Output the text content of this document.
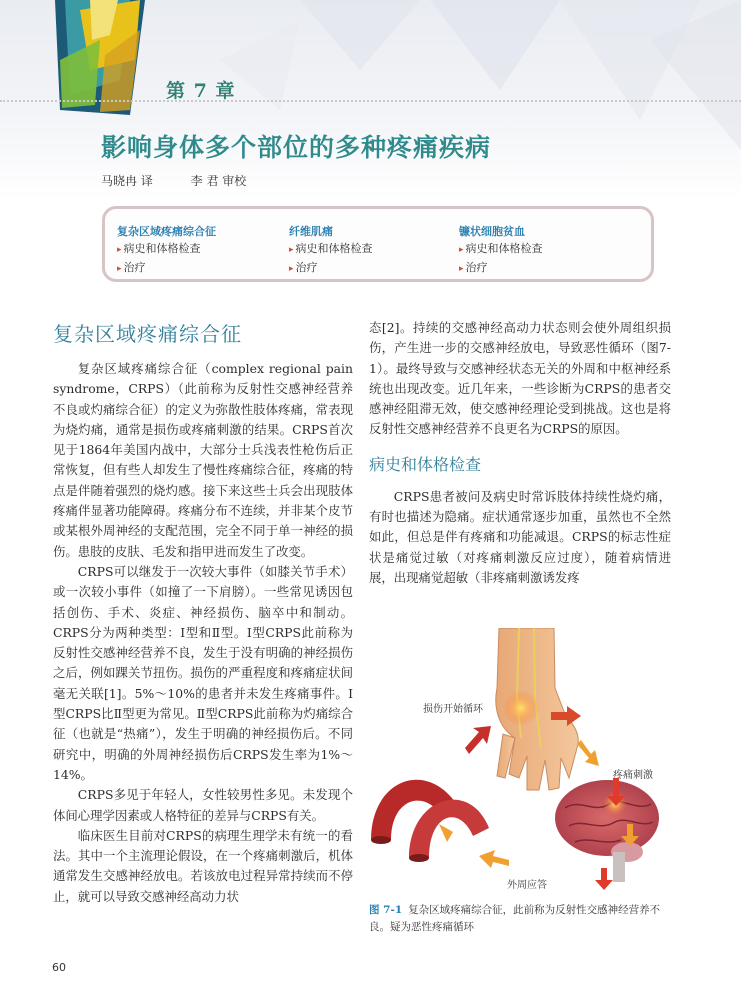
第 7 章
影响身体多个部位的多种疼痛疾病
马晓冉 译	李 君 审校
复杂区域疼痛综合征
▸ 病史和体格检查
▸ 治疗
纤维肌痛
▸ 病史和体格检查
▸ 治疗
镰状细胞贫血
▸ 病史和体格检查
▸ 治疗
复杂区域疼痛综合征

复杂区域疼痛综合征（complex regional pain syndrome，CRPS）（此前称为反射性交感神经营养不良或灼痛综合征）的定义为弥散性肢体疼痛，常表现为烧灼痛，通常是损伤或疼痛刺激的结果。CRPS首次见于1864年美国内战中，大部分士兵浅表性枪伤后正常恢复，但有些人却发生了慢性疼痛综合征，疼痛的特点是伴随着强烈的烧灼感。接下来这些士兵会出现肢体疼痛伴显著功能障碍。疼痛分布不连续，并非某个皮节或某根外周神经的支配范围，完全不同于单一神经的损伤。患肢的皮肤、毛发和指甲进而发生了改变。

CRPS可以继发于一次较大事件（如膝关节手术）或一次较小事件（如撞了一下肩膀）。一些常见诱因包括创伤、手术、炎症、神经损伤、脑卒中和制动。CRPS分为两种类型：Ⅰ型和Ⅱ型。Ⅰ型CRPS此前称为反射性交感神经营养不良，发生于没有明确的神经损伤之后，例如踝关节扭伤。损伤的严重程度和疼痛症状间毫无关联[1]。5%～10%的患者并未发生疼痛事件。Ⅰ型CRPS比Ⅱ型更为常见。Ⅱ型CRPS此前称为灼痛综合征（也就是“热痛”），发生于明确的神经损伤后。不同研究中，明确的外周神经损伤后CRPS发生率为1%～14%。

CRPS多见于年轻人，女性较男性多见。未发现个体间心理学因素或人格特征的差异与CRPS有关。

临床医生目前对CRPS的病理生理学未有统一的看法。其中一个主流理论假设，在一个疼痛刺激后，机体通常发生交感神经放电。若该放电过程异常持续而不停止，就可以导致交感神经高动力状

态[2]。持续的交感神经高动力状态则会使外周组织损伤，产生进一步的交感神经放电，导致恶性循环（图7-1）。最终导致与交感神经状态无关的外周和中枢神经系统也出现改变。近几年来，一些诊断为CRPS的患者交感神经阻滞无效，使交感神经理论受到挑战。这也是将反射性交感神经营养不良更名为CRPS的原因。

病史和体格检查

CRPS患者被问及病史时常诉肢体持续性烧灼痛，有时也描述为隐痛。症状通常逐步加重，虽然也不全然如此，但总是伴有疼痛和功能减退。CRPS的标志性症状是痛觉过敏（对疼痛刺激反应过度），随着病情进展，出现痛觉超敏（非疼痛刺激诱发疼

损伤开始循环
疼痛刺激
外周应答
图 7-1 复杂区域疼痛综合征，此前称为反射性交感神经营养不良。疑为恶性疼痛循环
60
